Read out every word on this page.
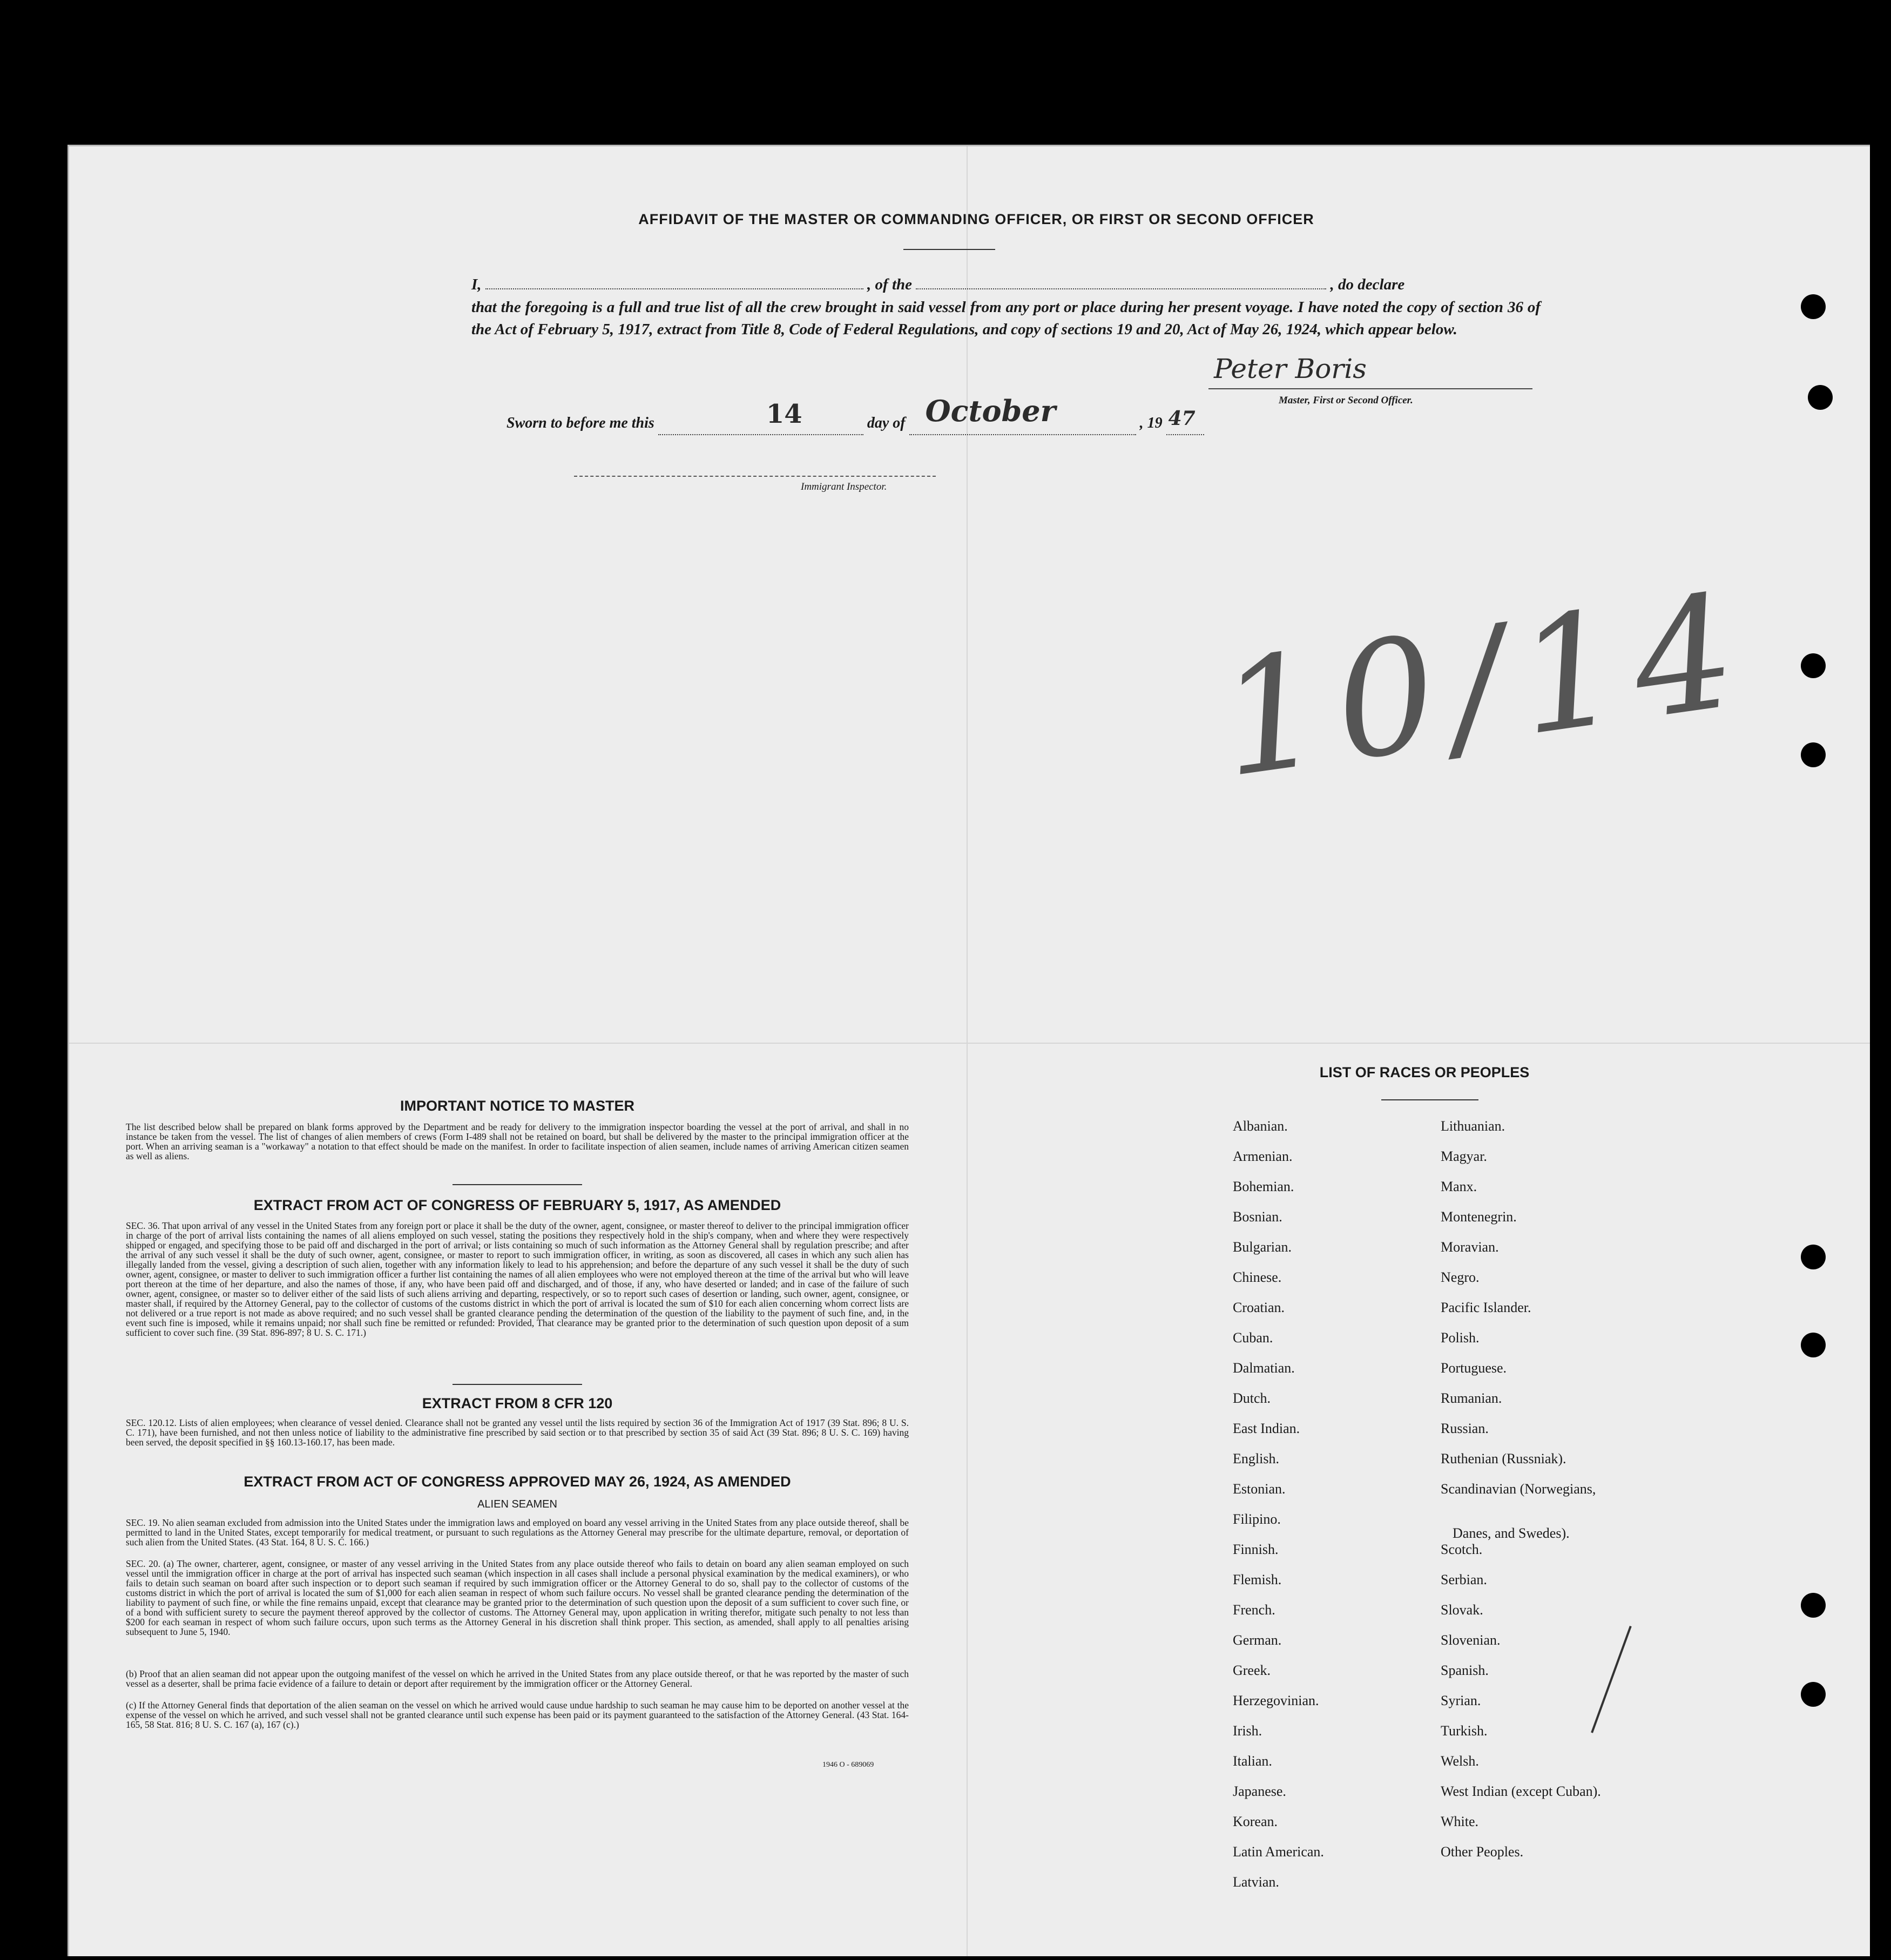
AFFIDAVIT OF THE MASTER OR COMMANDING OFFICER, OR FIRST OR SECOND OFFICER
I,	, of the	, do declare
that the foregoing is a full and true list of all the crew brought in said vessel from any port or place during her present voyage. I have noted the copy of section 36 of the Act of February 5, 1917, extract from Title 8, Code of Federal Regulations, and copy of sections 19 and 20, Act of May 26, 1924, which appear below.
Peter Boris
Master, First or Second Officer.
Sworn to before me this	14	day of October	, 19 47
Immigrant Inspector.
10/14
IMPORTANT NOTICE TO MASTER
The list described below shall be prepared on blank forms approved by the Department and be ready for delivery to the immigration inspector boarding the vessel at the port of arrival, and shall in no instance be taken from the vessel. The list of changes of alien members of crews (Form I-489 shall not be retained on board, but shall be delivered by the master to the principal immigration officer at the port. When an arriving seaman is a "workaway" a notation to that effect should be made on the manifest. In order to facilitate inspection of alien seamen, include names of arriving American citizen seamen as well as aliens.
EXTRACT FROM ACT OF CONGRESS OF FEBRUARY 5, 1917, AS AMENDED
SEC. 36. That upon arrival of any vessel in the United States from any foreign port or place it shall be the duty of the owner, agent, consignee, or master thereof to deliver to the principal immigration officer in charge of the port of arrival lists containing the names of all aliens employed on such vessel, stating the positions they respectively hold in the ship's company, when and where they were respectively shipped or engaged, and specifying those to be paid off and discharged in the port of arrival; or lists containing so much of such information as the Attorney General shall by regulation prescribe; and after the arrival of any such vessel it shall be the duty of such owner, agent, consignee, or master to report to such immigration officer, in writing, as soon as discovered, all cases in which any such alien has illegally landed from the vessel, giving a description of such alien, together with any information likely to lead to his apprehension; and before the departure of any such vessel it shall be the duty of such owner, agent, consignee, or master to deliver to such immigration officer a further list containing the names of all alien employees who were not employed thereon at the time of the arrival but who will leave port thereon at the time of her departure, and also the names of those, if any, who have been paid off and discharged, and of those, if any, who have deserted or landed; and in case of the failure of such owner, agent, consignee, or master so to deliver either of the said lists of such aliens arriving and departing, respectively, or so to report such cases of desertion or landing, such owner, agent, consignee, or master shall, if required by the Attorney General, pay to the collector of customs of the customs district in which the port of arrival is located the sum of $10 for each alien concerning whom correct lists are not delivered or a true report is not made as above required; and no such vessel shall be granted clearance pending the determination of the question of the liability to the payment of such fine, and, in the event such fine is imposed, while it remains unpaid; nor shall such fine be remitted or refunded: Provided, That clearance may be granted prior to the determination of such question upon deposit of a sum sufficient to cover such fine. (39 Stat. 896-897; 8 U. S. C. 171.)
EXTRACT FROM 8 CFR 120
SEC. 120.12. Lists of alien employees; when clearance of vessel denied. Clearance shall not be granted any vessel until the lists required by section 36 of the Immigration Act of 1917 (39 Stat. 896; 8 U. S. C. 171), have been furnished, and not then unless notice of liability to the administrative fine prescribed by said section or to that prescribed by section 35 of said Act (39 Stat. 896; 8 U. S. C. 169) having been served, the deposit specified in §§ 160.13-160.17, has been made.
EXTRACT FROM ACT OF CONGRESS APPROVED MAY 26, 1924, AS AMENDED
ALIEN SEAMEN
SEC. 19. No alien seaman excluded from admission into the United States under the immigration laws and employed on board any vessel arriving in the United States from any place outside thereof, shall be permitted to land in the United States, except temporarily for medical treatment, or pursuant to such regulations as the Attorney General may prescribe for the ultimate departure, removal, or deportation of such alien from the United States. (43 Stat. 164, 8 U. S. C. 166.)
SEC. 20. (a) The owner, charterer, agent, consignee, or master of any vessel arriving in the United States from any place outside thereof who fails to detain on board any alien seaman employed on such vessel until the immigration officer in charge at the port of arrival has inspected such seaman (which inspection in all cases shall include a personal physical examination by the medical examiners), or who fails to detain such seaman on board after such inspection or to deport such seaman if required by such immigration officer or the Attorney General to do so, shall pay to the collector of customs of the customs district in which the port of arrival is located the sum of $1,000 for each alien seaman in respect of whom such failure occurs. No vessel shall be granted clearance pending the determination of the liability to payment of such fine, or while the fine remains unpaid, except that clearance may be granted prior to the determination of such question upon the deposit of a sum sufficient to cover such fine, or of a bond with sufficient surety to secure the payment thereof approved by the collector of customs. The Attorney General may, upon application in writing therefor, mitigate such penalty to not less than $200 for each seaman in respect of whom such failure occurs, upon such terms as the Attorney General in his discretion shall think proper. This section, as amended, shall apply to all penalties arising subsequent to June 5, 1940.
(b) Proof that an alien seaman did not appear upon the outgoing manifest of the vessel on which he arrived in the United States from any place outside thereof, or that he was reported by the master of such vessel as a deserter, shall be prima facie evidence of a failure to detain or deport after requirement by the immigration officer or the Attorney General.
(c) If the Attorney General finds that deportation of the alien seaman on the vessel on which he arrived would cause undue hardship to such seaman he may cause him to be deported on another vessel at the expense of the vessel on which he arrived, and such vessel shall not be granted clearance until such expense has been paid or its payment guaranteed to the satisfaction of the Attorney General. (43 Stat. 164-165, 58 Stat. 816; 8 U. S. C. 167 (a), 167 (c).)
1946 O - 689069
LIST OF RACES OR PEOPLES
Albanian.
Armenian.
Bohemian.
Bosnian.
Bulgarian.
Chinese.
Croatian.
Cuban.
Dalmatian.
Dutch.
East Indian.
English.
Estonian.
Filipino.
Finnish.
Flemish.
French.
German.
Greek.
Herzegovinian.
Irish.
Italian.
Japanese.
Korean.
Latin American.
Latvian.
Lithuanian.
Magyar.
Manx.
Montenegrin.
Moravian.
Negro.
Pacific Islander.
Polish.
Portuguese.
Rumanian.
Russian.
Ruthenian (Russniak).
Scandinavian (Norwegians,
Danes, and Swedes).
Scotch.
Serbian.
Slovak.
Slovenian.
Spanish.
Syrian.
Turkish.
Welsh.
West Indian (except Cuban).
White.
Other Peoples.
